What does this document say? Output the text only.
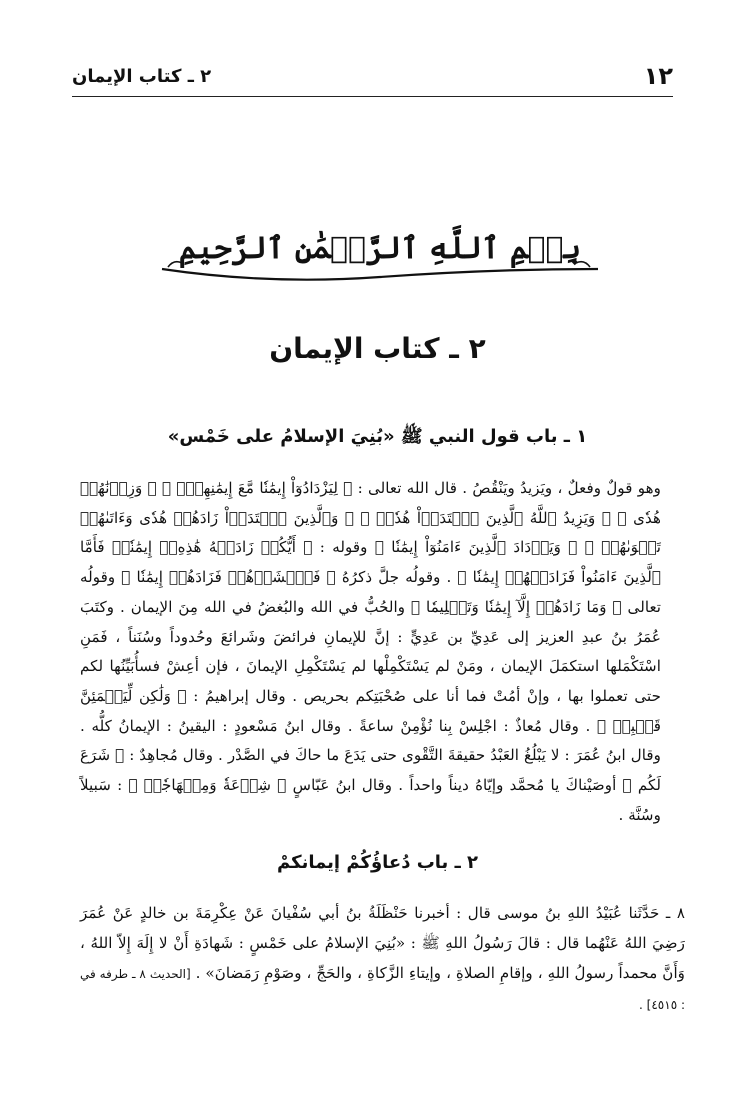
١٢
٢ ـ كتاب الإيمان
بِسۡمِ ٱللَّهِ ٱلرَّحۡمَٰنِ ٱلرَّحِيمِ
٢ ـ كتاب الإيمان
١ ـ باب قول النبي ﷺ «بُنِيَ الإسلامُ على خَمْس»
وهو قولٌ وفعلٌ ، ويَزيدُ ويَنْقُصُ . قال الله تعالى : ﴿ لِيَزْدَادُوٓاْ إِيمَٰنٗا مَّعَ إِيمَٰنِهِمۡۗ ﴾ ﴿ وَزِدۡنَٰهُمۡ هُدٗى ﴾ ﴿ وَيَزِيدُ ٱللَّهُ ٱلَّذِينَ ٱهۡتَدَوۡاْ هُدٗىۗ ﴾ ﴿ وَٱلَّذِينَ ٱهۡتَدَوۡاْ زَادَهُمۡ هُدٗى وَءَاتَىٰهُمۡ تَقۡوَىٰهُمۡ ﴾ ﴿ وَيَزۡدَادَ ٱلَّذِينَ ءَامَنُوٓاْ إِيمَٰنٗا ﴾ وقوله : ﴿ أَيُّكُمۡ زَادَتۡهُ هَٰذِهِۦٓ إِيمَٰنٗاۚ فَأَمَّا ٱلَّذِينَ ءَامَنُواْ فَزَادَتۡهُمۡ إِيمَٰنٗا ﴾ . وقولُه جلَّ ذكرُهُ ﴿ فَٱخۡشَوۡهُمۡ فَزَادَهُمۡ إِيمَٰنٗا ﴾ وقولُه تعالى ﴿ وَمَا زَادَهُمۡ إِلَّآ إِيمَٰنٗا وَتَسۡلِيمٗا ﴾ والحُبُّ في الله والبُغضُ في الله مِنَ الإيمان . وكتَبَ عُمَرُ بنُ عبدِ العزيز إلى عَدِيِّ بن عَدِيٍّ : إنَّ للإيمانِ فرائضَ وشَرائعَ وحُدوداً وسُنَناً ، فَمَنِ اسْتَكْمَلها استكمَلَ الإيمان ، ومَنْ لم يَسْتَكْمِلْها لم يَسْتَكْمِلِ الإيمانَ ، فإن أعِشْ فسأُبَيِّنُها لكم حتى تعملوا بها ، وإنْ أمُتْ فما أنا على صُحْبَتِكم بحريص . وقال إبراهيمُ : ﴿ وَلَٰكِن لِّيَطۡمَئِنَّ قَلۡبِيۖ ﴾ . وقال مُعاذٌ : اجْلِسْ بِنا نُؤْمِنْ ساعةً . وقال ابنُ مَسْعودٍ : اليقينُ : الإيمانُ كلُّه . وقال ابنُ عُمَرَ : لا يَبْلُغُ العَبْدُ حقيقةَ التَّقْوى حتى يَدَعَ ما حاكَ في الصَّدْر . وقال مُجاهِدٌ : ﴿ شَرَعَ لَكُم ﴾ أوصَيْناكَ يا مُحمَّد وإيّاهُ ديناً واحداً . وقال ابنُ عَبّاسٍ ﴿ شِرۡعَةٗ وَمِنۡهَاجٗاۚ ﴾ : سَبيلاً وسُنَّة .
٢ ـ باب دُعاؤُكُمْ إيمانكمْ
٨ ـ حَدَّثَنا عُبَيْدُ اللهِ بنُ موسى قال : أخبرنا حَنْظَلَةُ بنُ أبي سُفْيانَ عَنْ عِكْرِمَةَ بن خالدٍ عَنْ عُمَرَ رَضِيَ اللهُ عَنْهُما قال : قالَ رَسُولُ اللهِ ﷺ : «بُنِيَ الإسلامُ على خَمْسٍ : شَهادَةِ أَنْ لا إِلَهَ إِلاّ اللهُ ، وَأَنَّ محمداً رسولُ اللهِ ، وإقامِ الصلاةِ ، وإيتاءِ الزَّكاةِ ، والحَجِّ ، وصَوْمِ رَمَضانَ» . [الحديث ٨ ـ طرفه في : ٤٥١٥] .
